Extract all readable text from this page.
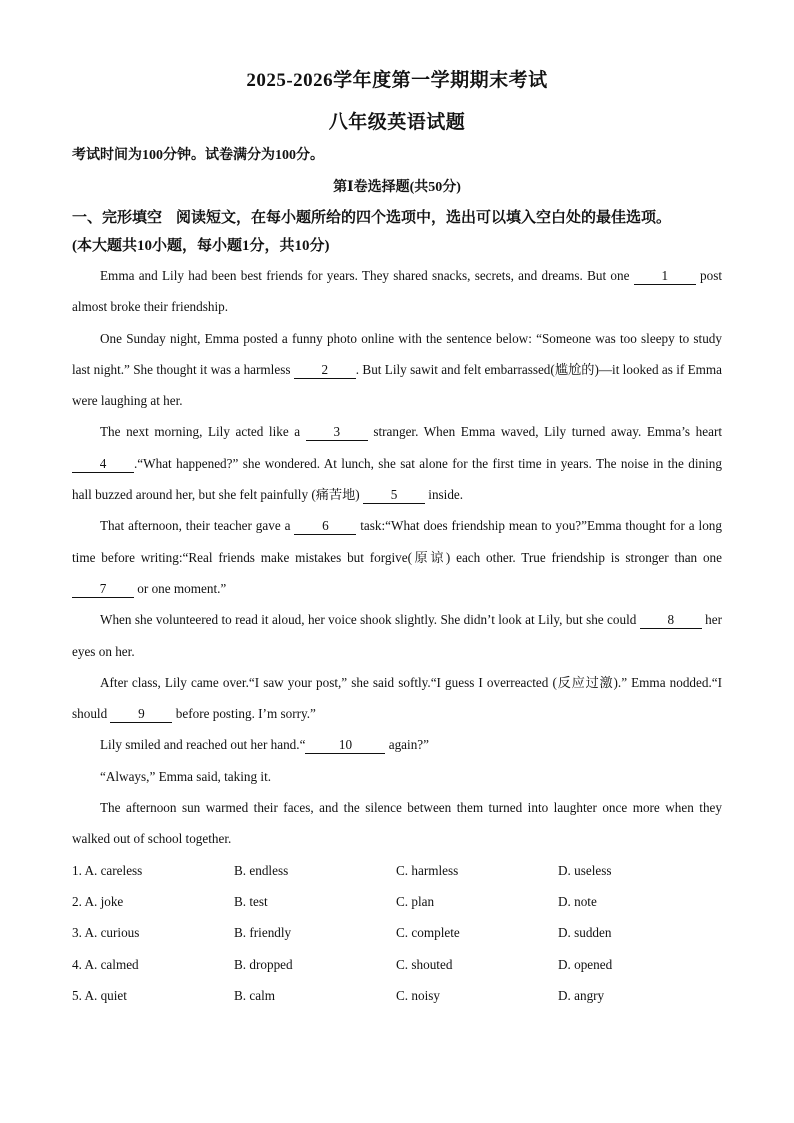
2025-2026学年度第一学期期末考试
八年级英语试题
考试时间为100分钟。试卷满分为100分。
第Ⅰ卷选择题(共50分)
一、完形填空 阅读短文，在每小题所给的四个选项中，选出可以填入空白处的最佳选项。
(本大题共10小题，每小题1分，共10分)

Emma and Lily had been best friends for years. They shared snacks, secrets, and dreams. But one 1 post almost broke their friendship.

One Sunday night, Emma posted a funny photo online with the sentence below: “Someone was too sleepy to study last night.” She thought it was a harmless 2 . But Lily sawit and felt embarrassed(尴尬的)—it looked as if Emma were laughing at her.

The next morning, Lily acted like a 3 stranger. When Emma waved, Lily turned away. Emma’s heart 4 .“What happened?” she wondered. At lunch, she sat alone for the first time in years. The noise in the dining hall buzzed around her, but she felt painfully (痛苦地) 5 inside.

That afternoon, their teacher gave a 6 task:“What does friendship mean to you?”Emma thought for a long time before writing:“Real friends make mistakes but forgive(原谅) each other. True friendship is stronger than one 7 or one moment.”

When she volunteered to read it aloud, her voice shook slightly. She didn’t look at Lily, but she could 8 her eyes on her.

After class, Lily came over.“I saw your post,” she said softly.“I guess I overreacted (反应过激).” Emma nodded.“I should 9 before posting. I’m sorry.”

Lily smiled and reached out her hand.“	10	again?”

“Always,” Emma said, taking it.

The afternoon sun warmed their faces, and the silence between them turned into laughter once more when they walked out of school together.

1. A. careless	B. endless	C. harmless	D. useless
2. A. joke	B. test	C. plan	D. note
3. A. curious	B. friendly	C. complete	D. sudden
4. A. calmed	B. dropped	C. shouted	D. opened
5. A. quiet	B. calm	C. noisy	D. angry
